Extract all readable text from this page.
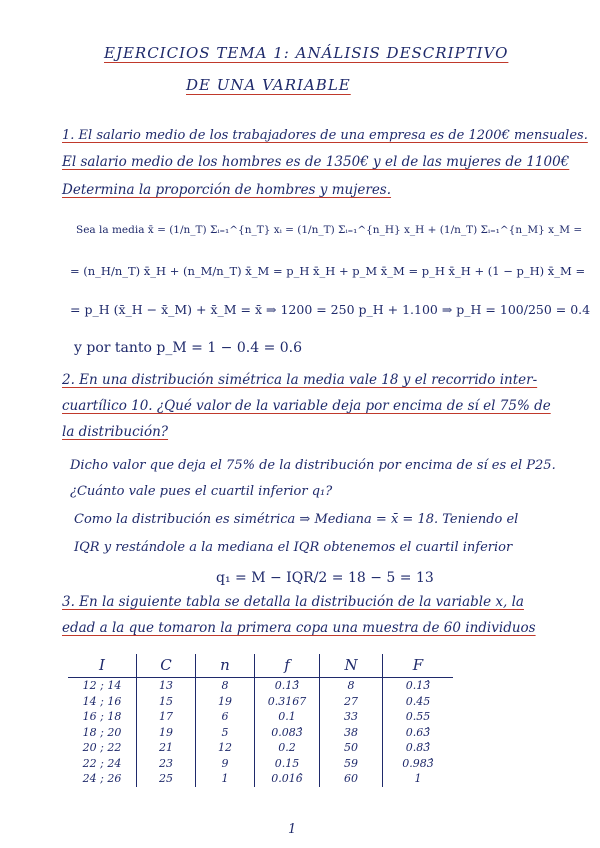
EJERCICIOS TEMA 1: ANÁLISIS DESCRIPTIVO
DE UNA VARIABLE
1. El salario medio de los trabajadores de una empresa es de 1200€ mensuales.
El salario medio de los hombres es de 1350€ y el de las mujeres de 1100€
Determina la proporción de hombres y mujeres.
Sea la media x̄ = (1/n_T) Σᵢ₌₁^{n_T} xᵢ = (1/n_T) Σᵢ₌₁^{n_H} x_H + (1/n_T) Σᵢ₌₁^{n_M} x_M =
= (n_H/n_T) x̄_H + (n_M/n_T) x̄_M = p_H x̄_H + p_M x̄_M = p_H x̄_H + (1 − p_H) x̄_M =
= p_H (x̄_H − x̄_M) + x̄_M = x̄ ⇒ 1200 = 250 p_H + 1.100 ⇒ p_H = 100/250 = 0.4
y por tanto p_M = 1 − 0.4 = 0.6
2. En una distribución simétrica la media vale 18 y el recorrido inter-
cuartílico 10. ¿Qué valor de la variable deja por encima de sí el 75% de
la distribución?
Dicho valor que deja el 75% de la distribución por encima de sí es el P25.
¿Cuánto vale pues el cuartil inferior q₁?
Como la distribución es simétrica ⇒ Mediana = x̄ = 18. Teniendo el
IQR y restándole a la mediana el IQR obtenemos el cuartil inferior
q₁ = M − IQR/2 = 18 − 5 = 13
3. En la siguiente tabla se detalla la distribución de la variable x, la
edad a la que tomaron la primera copa una muestra de 60 individuos
I	C	n	f	N	F
12 ; 14	13	8	0.13̂	8	0.13̂
14 ; 16	15	19	0.3167	27	0.45
16 ; 18	17	6	0.1	33	0.55
18 ; 20	19	5	0.083̂	38	0.63̂
20 ; 22	21	12	0.2	50	0.83̂
22 ; 24	23	9	0.15	59	0.983̂
24 ; 26	25	1	0.016̂	60	1
1
